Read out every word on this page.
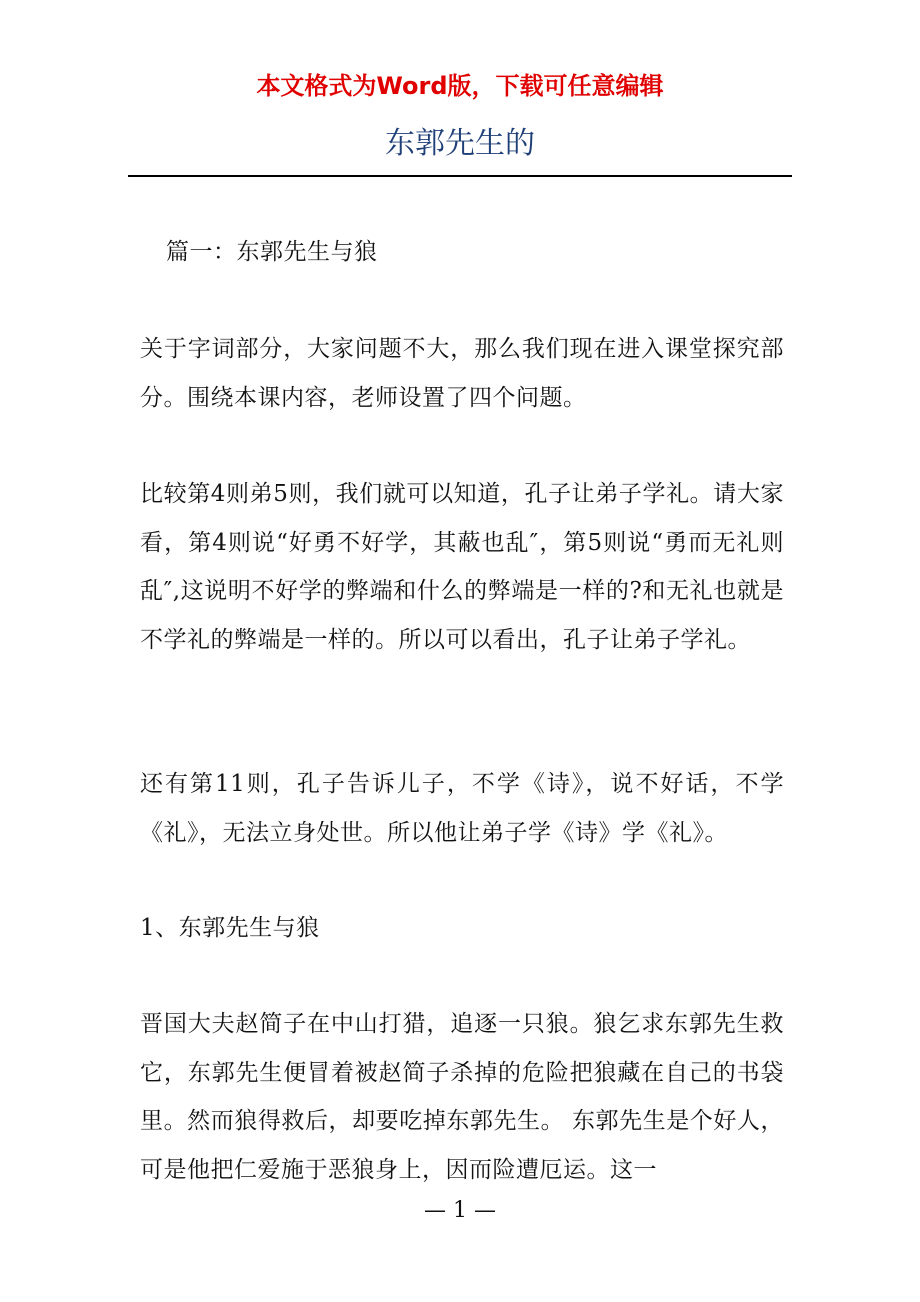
本文格式为Word版，下载可任意编辑
东郭先生的
篇一：东郭先生与狼
关于字词部分，大家问题不大，那么我们现在进入课堂探究部分。围绕本课内容，老师设置了四个问题。
比较第4则弟5则，我们就可以知道，孔子让弟子学礼。请大家看，第4则说“好勇不好学，其蔽也乱″，第5则说“勇而无礼则乱″,这说明不好学的弊端和什么的弊端是一样的?和无礼也就是不学礼的弊端是一样的。所以可以看出，孔子让弟子学礼。
还有第11则，孔子告诉儿子，不学《诗》，说不好话，不学《礼》，无法立身处世。所以他让弟子学《诗》学《礼》。
1、东郭先生与狼
晋国大夫赵简子在中山打猎，追逐一只狼。狼乞求东郭先生救它，东郭先生便冒着被赵简子杀掉的危险把狼藏在自己的书袋里。然而狼得救后，却要吃掉东郭先生。 东郭先生是个好人，可是他把仁爱施于恶狼身上，因而险遭厄运。这一
— 1 —
